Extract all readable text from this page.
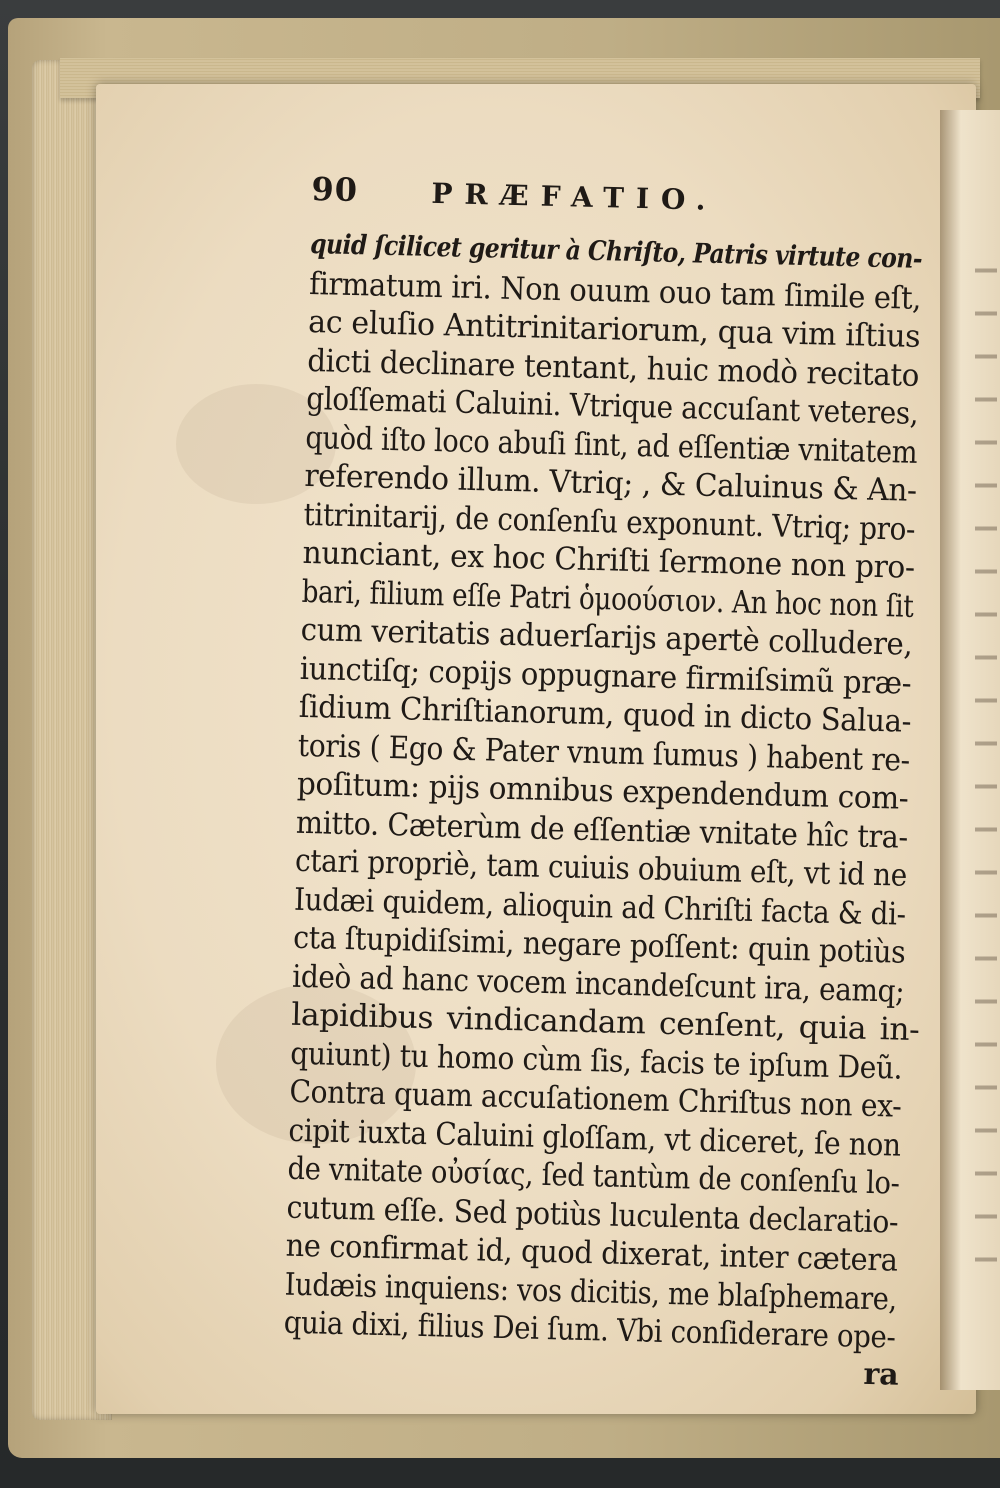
90	PRÆFATIO.
quid ſcilicet geritur à Chriſto, Patris virtute con-
firmatum iri. Non ouum ouo tam ſimile eſt,
ac eluſio Antitrinitariorum, qua vim iſtius
dicti declinare tentant, huic modò recitato
gloſſemati Caluini. Vtrique accuſant veteres,
quòd iſto loco abuſi ſint, ad eſſentiæ vnitatem
referendo illum. Vtriq; , & Caluinus & An-
titrinitarij, de conſenſu exponunt. Vtriq; pro-
nunciant, ex hoc Chriſti ſermone non pro-
bari, filium eſſe Patri ὁμοούσιον. An hoc non ſit
cum veritatis aduerſarijs apertè colludere,
iunctiſq; copijs oppugnare firmiſsimũ præ-
ſidium Chriſtianorum, quod in dicto Salua-
toris ( Ego & Pater vnum ſumus ) habent re-
poſitum: pijs omnibus expendendum com-
mitto. Cæterùm de eſſentiæ vnitate hîc tra-
ctari propriè, tam cuiuis obuium eſt, vt id ne
Iudæi quidem, alioquin ad Chriſti facta & di-
cta ſtupidiſsimi, negare poſſent: quin potiùs
ideò ad hanc vocem incandeſcunt ira, eamq;
lapidibus vindicandam cenſent, quia in-
quiunt) tu homo cùm ſis, facis te ipſum Deũ.
Contra quam accuſationem Chriſtus non ex-
cipit iuxta Caluini gloſſam, vt diceret, ſe non
de vnitate οὐσίας, ſed tantùm de conſenſu lo-
cutum eſſe. Sed potiùs luculenta declaratio-
ne confirmat id, quod dixerat, inter cætera
Iudæis inquiens: vos dicitis, me blaſphemare,
quia dixi, filius Dei ſum. Vbi conſiderare ope-
ra
